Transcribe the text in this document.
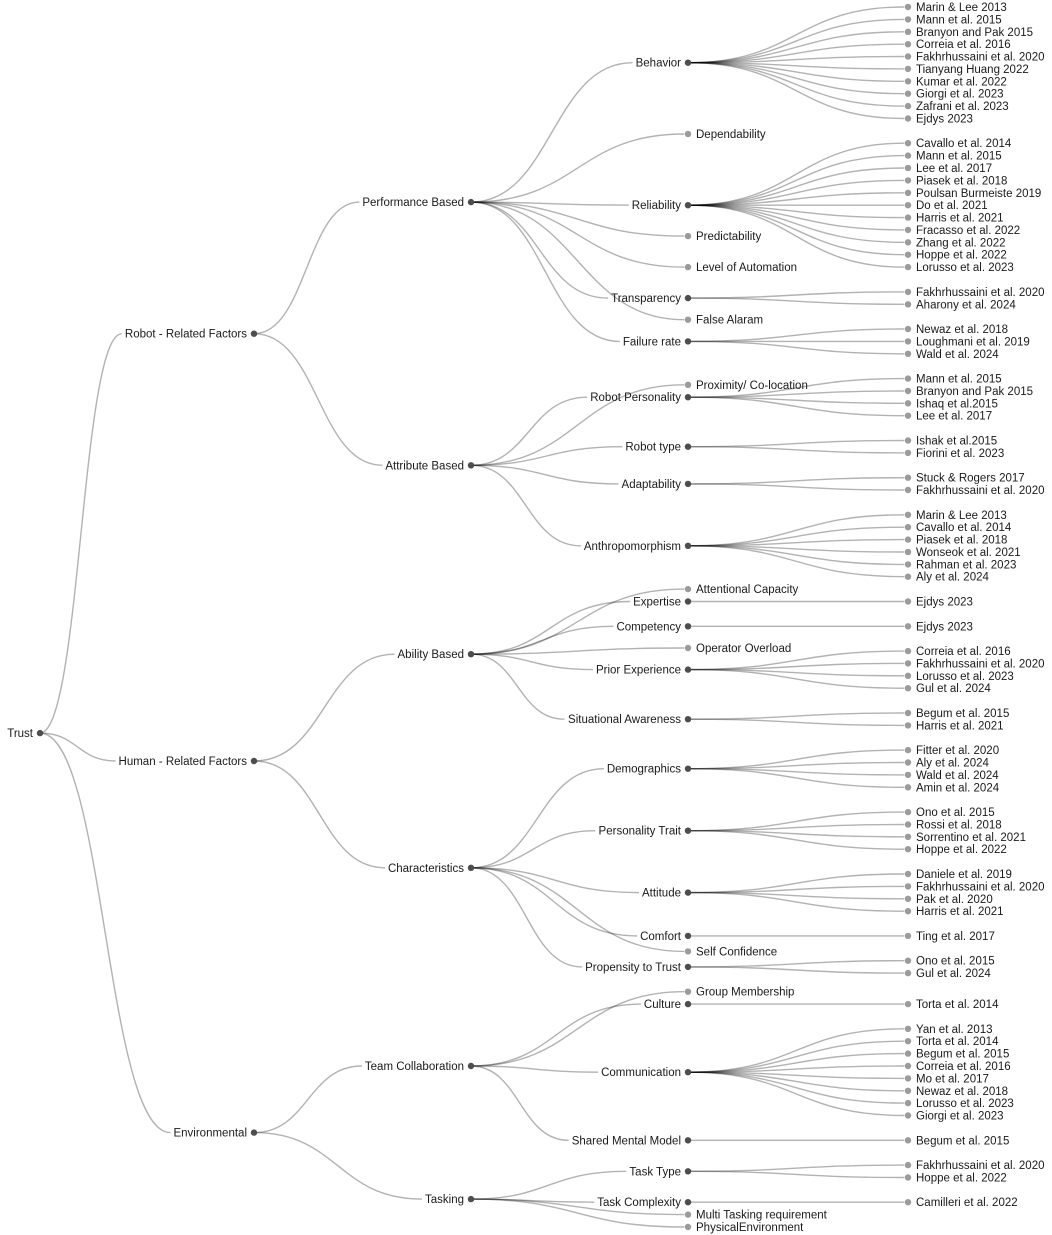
Trust
Robot - Related Factors
Performance Based
Behavior
Marin & Lee 2013
Mann et al. 2015
Branyon and Pak 2015
Correia et al. 2016
Fakhrhussaini et al. 2020
Tianyang Huang 2022
Kumar et al. 2022
Giorgi et al. 2023
Zafrani et al. 2023
Ejdys 2023
Dependability
Reliability
Cavallo et al. 2014
Mann et al. 2015
Lee et al. 2017
Piasek et al. 2018
Poulsan Burmeiste 2019
Do et al. 2021
Harris et al. 2021
Fracasso et al. 2022
Zhang et al. 2022
Hoppe et al. 2022
Lorusso et al. 2023
Predictability
Level of Automation
Transparency
Fakhrhussaini et al. 2020
Aharony et al. 2024
False Alaram
Failure rate
Newaz et al. 2018
Loughmani et al. 2019
Wald et al. 2024
Attribute Based
Proximity/ Co-location
Robot Personality
Mann et al. 2015
Branyon and Pak 2015
Ishaq et al.2015
Lee et al. 2017
Robot type
Ishak et al.2015
Fiorini et al. 2023
Adaptability
Stuck & Rogers 2017
Fakhrhussaini et al. 2020
Anthropomorphism
Marin & Lee 2013
Cavallo et al. 2014
Piasek et al. 2018
Wonseok et al. 2021
Rahman et al. 2023
Aly et al. 2024
Human - Related Factors
Ability Based
Attentional Capacity
Expertise	Ejdys 2023
Competency	Ejdys 2023
Operator Overload
Prior Experience
Correia et al. 2016
Fakhrhussaini et al. 2020
Lorusso et al. 2023
Gul et al. 2024
Situational Awareness
Begum et al. 2015
Harris et al. 2021
Characteristics
Demographics
Fitter et al. 2020
Aly et al. 2024
Wald et al. 2024
Amin et al. 2024
Personality Trait
Ono et al. 2015
Rossi et al. 2018
Sorrentino et al. 2021
Hoppe et al. 2022
Attitude
Daniele et al. 2019
Fakhrhussaini et al. 2020
Pak et al. 2020
Harris et al. 2021
Comfort	Ting et al. 2017
Self Confidence
Propensity to Trust
Ono et al. 2015
Gul et al. 2024
Environmental
Team Collaboration
Group Membership
Culture	Torta et al. 2014
Communication
Yan et al. 2013
Torta et al. 2014
Begum et al. 2015
Correia et al. 2016
Mo et al. 2017
Newaz et al. 2018
Lorusso et al. 2023
Giorgi et al. 2023
Shared Mental Model	Begum et al. 2015
Tasking
Task Type
Fakhrhussaini et al. 2020
Hoppe et al. 2022
Task Complexity	Camilleri et al. 2022
Multi Tasking requirement
PhysicalEnvironment
